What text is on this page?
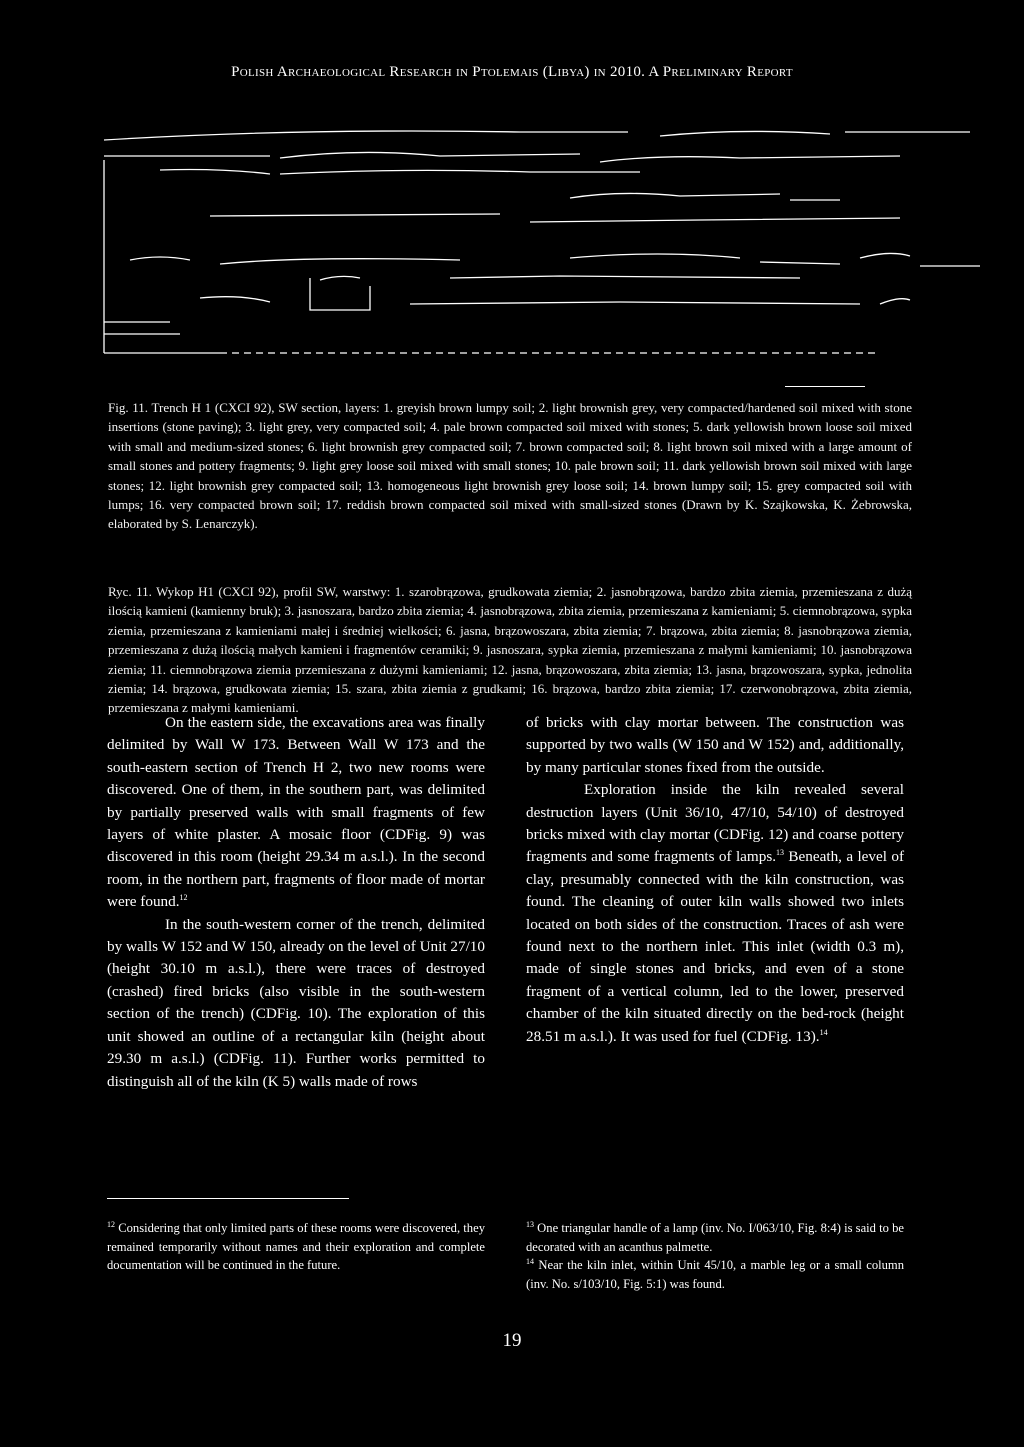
Polish Archaeological Research in Ptolemais (Libya) in 2010. A Preliminary Report
Fig. 11. Trench H 1 (CXCI 92), SW section, layers: 1. greyish brown lumpy soil; 2. light brownish grey, very compacted/hardened soil mixed with stone insertions (stone paving); 3. light grey, very compacted soil; 4. pale brown compacted soil mixed with stones; 5. dark yellowish brown loose soil mixed with small and medium-sized stones; 6. light brownish grey compacted soil; 7. brown compacted soil; 8. light brown soil mixed with a large amount of small stones and pottery fragments; 9. light grey loose soil mixed with small stones; 10. pale brown soil; 11. dark yellowish brown soil mixed with large stones; 12. light brownish grey compacted soil; 13. homogeneous light brownish grey loose soil; 14. brown lumpy soil; 15. grey compacted soil with lumps; 16. very compacted brown soil; 17. reddish brown compacted soil mixed with small-sized stones (Drawn by K. Szajkowska, K. Żebrowska, elaborated by S. Lenarczyk).
Ryc. 11. Wykop H1 (CXCI 92), profil SW, warstwy: 1. szarobrązowa, grudkowata ziemia; 2. jasnobrązowa, bardzo zbita ziemia, przemieszana z dużą ilością kamieni (kamienny bruk); 3. jasnoszara, bardzo zbita ziemia; 4. jasnobrązowa, zbita ziemia, przemieszana z kamieniami; 5. ciemnobrązowa, sypka ziemia, przemieszana z kamieniami małej i średniej wielkości; 6. jasna, brązowoszara, zbita ziemia; 7. brązowa, zbita ziemia; 8. jasnobrązowa ziemia, przemieszana z dużą ilością małych kamieni i fragmentów ceramiki; 9. jasnoszara, sypka ziemia, przemieszana z małymi kamieniami; 10. jasnobrązowa ziemia; 11. ciemnobrązowa ziemia przemieszana z dużymi kamieniami; 12. jasna, brązowoszara, zbita ziemia; 13. jasna, brązowoszara, sypka, jednolita ziemia; 14. brązowa, grudkowata ziemia; 15. szara, zbita ziemia z grudkami; 16. brązowa, bardzo zbita ziemia; 17. czerwonobrązowa, zbita ziemia, przemieszana z małymi kamieniami.

On the eastern side, the excavations area was finally delimited by Wall W 173. Between Wall W 173 and the south-eastern section of Trench H 2, two new rooms were discovered. One of them, in the southern part, was delimited by partially preserved walls with small fragments of few layers of white plaster. A mosaic floor (CDFig. 9) was discovered in this room (height 29.34 m a.s.l.). In the second room, in the northern part, fragments of floor made of mortar were found.$^{12}$

In the south-western corner of the trench, delimited by walls W 152 and W 150, already on the level of Unit 27/10 (height 30.10 m a.s.l.), there were traces of destroyed (crashed) fired bricks (also visible in the south-western section of the trench) (CDFig. 10). The exploration of this unit showed an outline of a rectangular kiln (height about 29.30 m a.s.l.) (CDFig. 11). Further works permitted to distinguish all of the kiln (K 5) walls made of rows

of bricks with clay mortar between. The construction was supported by two walls (W 150 and W 152) and, additionally, by many particular stones fixed from the outside.

Exploration inside the kiln revealed several destruction layers (Unit 36/10, 47/10, 54/10) of destroyed bricks mixed with clay mortar (CDFig. 12) and coarse pottery fragments and some fragments of lamps.$^{13}$ Beneath, a level of clay, presumably connected with the kiln construction, was found. The cleaning of outer kiln walls showed two inlets located on both sides of the construction. Traces of ash were found next to the northern inlet. This inlet (width 0.3 m), made of single stones and bricks, and even of a stone fragment of a vertical column, led to the lower, preserved chamber of the kiln situated directly on the bed-rock (height 28.51 m a.s.l.). It was used for fuel (CDFig. 13).$^{14}$

$^{12}$ Considering that only limited parts of these rooms were discovered, they remained temporarily without names and their exploration and complete documentation will be continued in the future.

$^{13}$ One triangular handle of a lamp (inv. No. I/063/10, Fig. 8:4) is said to be decorated with an acanthus palmette.

$^{14}$ Near the kiln inlet, within Unit 45/10, a marble leg or a small column (inv. No. s/103/10, Fig. 5:1) was found.

19
